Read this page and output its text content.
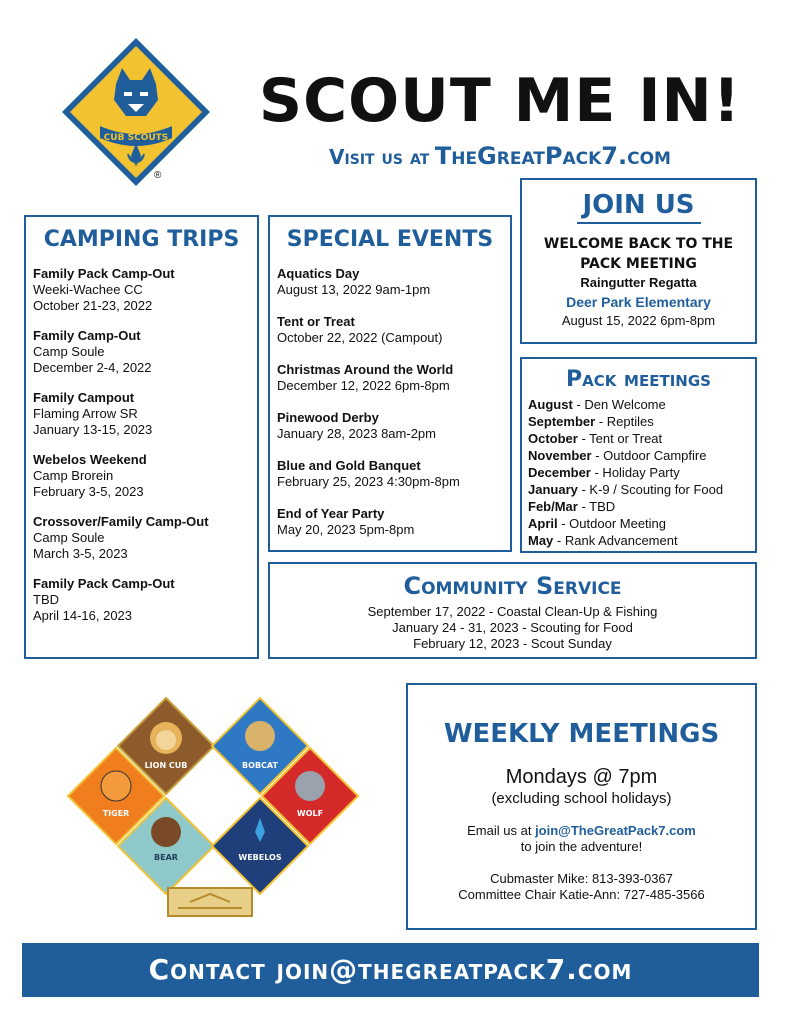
CUB SCOUTS
®
SCOUT ME IN!
Visit us at TheGreatPack7.com
CAMPING TRIPS
Family Pack Camp-Out
Weeki-Wachee CC
October 21-23, 2022
Family Camp-Out
Camp Soule
December 2-4, 2022
Family Campout
Flaming Arrow SR
January 13-15, 2023
Webelos Weekend
Camp Brorein
February 3-5, 2023
Crossover/Family Camp-Out
Camp Soule
March 3-5, 2023
Family Pack Camp-Out
TBD
April 14-16, 2023
SPECIAL EVENTS
Aquatics Day
August 13, 2022 9am-1pm
Tent or Treat
October 22, 2022 (Campout)
Christmas Around the World
December 12, 2022 6pm-8pm
Pinewood Derby
January 28, 2023 8am-2pm
Blue and Gold Banquet
February 25, 2023 4:30pm-8pm
End of Year Party
May 20, 2023 5pm-8pm
JOIN US
WELCOME BACK TO THE
PACK MEETING
Raingutter Regatta
Deer Park Elementary
August 15, 2022 6pm-8pm
Pack meetings
August - Den Welcome
September - Reptiles
October - Tent or Treat
November - Outdoor Campfire
December - Holiday Party
January - K-9 / Scouting for Food
Feb/Mar - TBD
April - Outdoor Meeting
May - Rank Advancement
Community Service
September 17, 2022 - Coastal Clean-Up & Fishing
January 24 - 31, 2023 - Scouting for Food
February 12, 2023 - Scout Sunday
LION CUB	BOBCAT
TIGER	WOLF
BEAR	WEBELOS
WEEKLY MEETINGS
Mondays @ 7pm
(excluding school holidays)
Email us at join@TheGreatPack7.com
to join the adventure!
Cubmaster Mike: 813-393-0367
Committee Chair Katie-Ann: 727-485-3566
Contact join@thegreatpack7.com
